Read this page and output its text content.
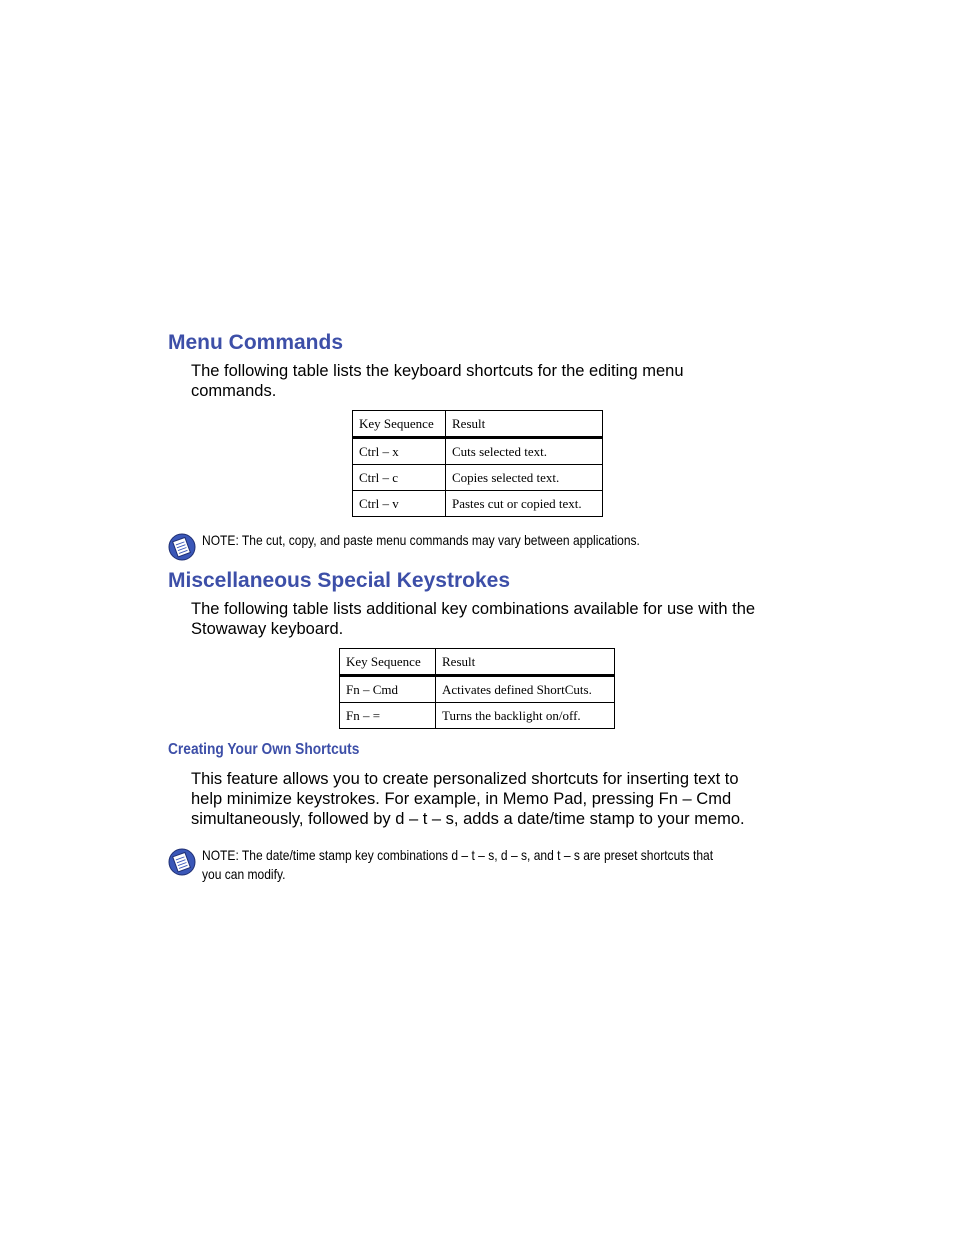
Menu Commands

The following table lists the keyboard shortcuts for the editing menu
commands.

Key Sequence	Result
Ctrl – x	Cuts selected text.
Ctrl – c	Copies selected text.
Ctrl – v	Pastes cut or copied text.

NOTE: The cut, copy, and paste menu commands may vary between applications.

Miscellaneous Special Keystrokes

The following table lists additional key combinations available for use with the
Stowaway keyboard.

Key Sequence	Result
Fn – Cmd	Activates defined ShortCuts.
Fn – =	Turns the backlight on/off.
Creating Your Own Shortcuts

This feature allows you to create personalized shortcuts for inserting text to
help minimize keystrokes. For example, in Memo Pad, pressing Fn – Cmd
simultaneously, followed by d – t – s, adds a date/time stamp to your memo.

NOTE: The date/time stamp key combinations d – t – s, d – s, and t – s are preset shortcuts that
you can modify.
